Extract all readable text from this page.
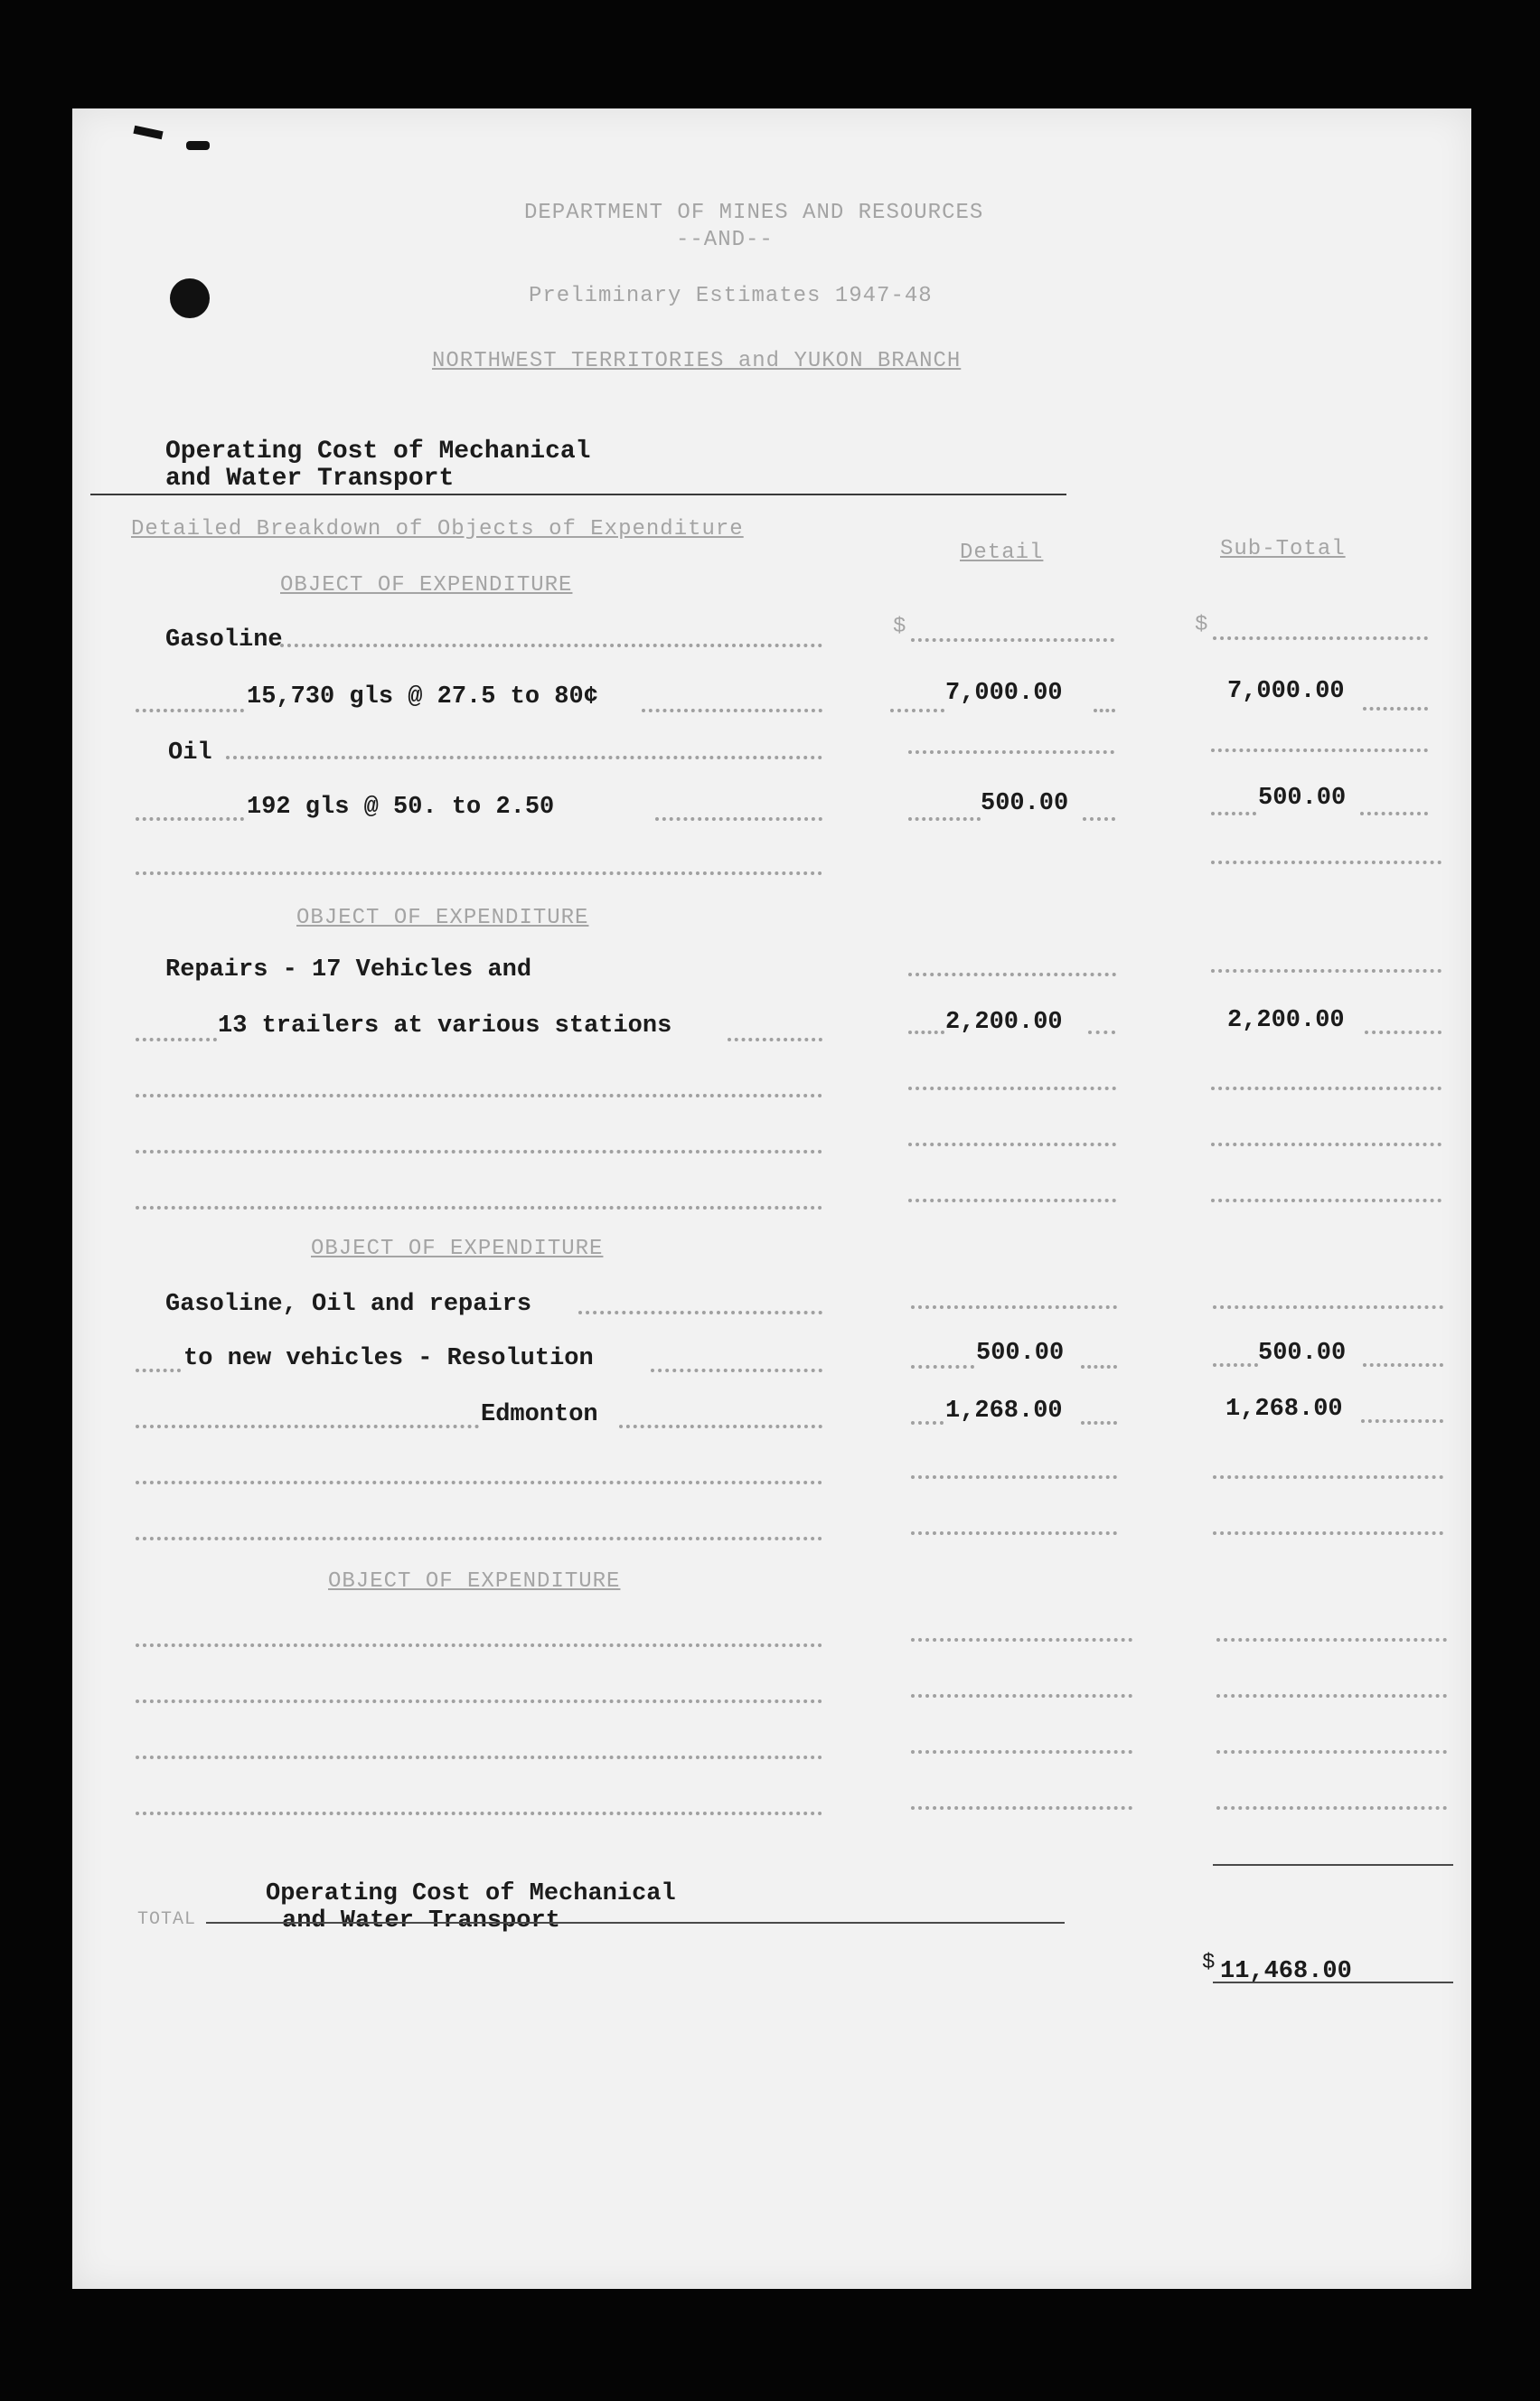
DEPARTMENT OF MINES AND RESOURCES
--AND--
Preliminary Estimates 1947-48
NORTHWEST TERRITORIES and YUKON BRANCH
Operating Cost of Mechanical
and Water Transport
Detailed Breakdown of Objects of Expenditure
Detail	Sub-Total
OBJECT OF EXPENDITURE
Gasoline	$	$
15,730 gls @ 27.5 to 80¢	7,000.00	7,000.00
Oil
192 gls @ 50. to 2.50	500.00	500.00
OBJECT OF EXPENDITURE
Repairs - 17 Vehicles and
13 trailers at various stations	2,200.00	2,200.00
OBJECT OF EXPENDITURE
Gasoline, Oil and repairs
to new vehicles - Resolution	500.00	500.00
Edmonton	1,268.00	1,268.00
OBJECT OF EXPENDITURE
TOTAL
Operating Cost of Mechanical
and Water Transport
$ 11,468.00
